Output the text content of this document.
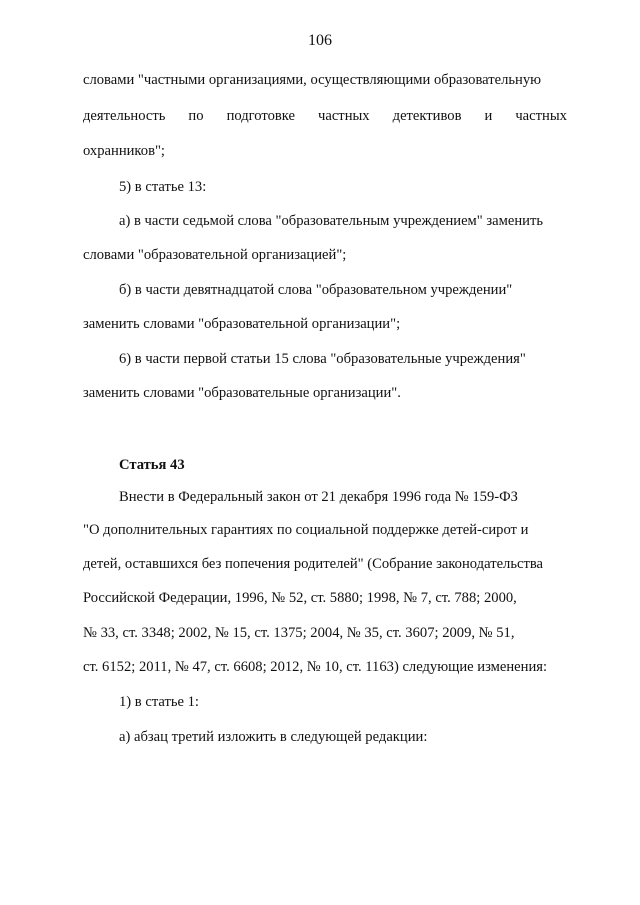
106
словами "частными организациями, осуществляющими образовательную
деятельность по подготовке частных детективов и частных
охранников";
5) в статье 13:
а) в части седьмой слова "образовательным учреждением" заменить
словами "образовательной организацией";
б) в части девятнадцатой слова "образовательном учреждении"
заменить словами "образовательной организации";
6) в части первой статьи 15 слова "образовательные учреждения"
заменить словами "образовательные организации".
Статья 43
Внести в Федеральный закон от 21 декабря 1996 года № 159-ФЗ
"О дополнительных гарантиях по социальной поддержке детей-сирот и
детей, оставшихся без попечения родителей" (Собрание законодательства
Российской Федерации, 1996, № 52, ст. 5880; 1998, № 7, ст. 788; 2000,
№ 33, ст. 3348; 2002, № 15, ст. 1375; 2004, № 35, ст. 3607; 2009, № 51,
ст. 6152; 2011, № 47, ст. 6608; 2012, № 10, ст. 1163) следующие изменения:
1) в статье 1:
а) абзац третий изложить в следующей редакции:
